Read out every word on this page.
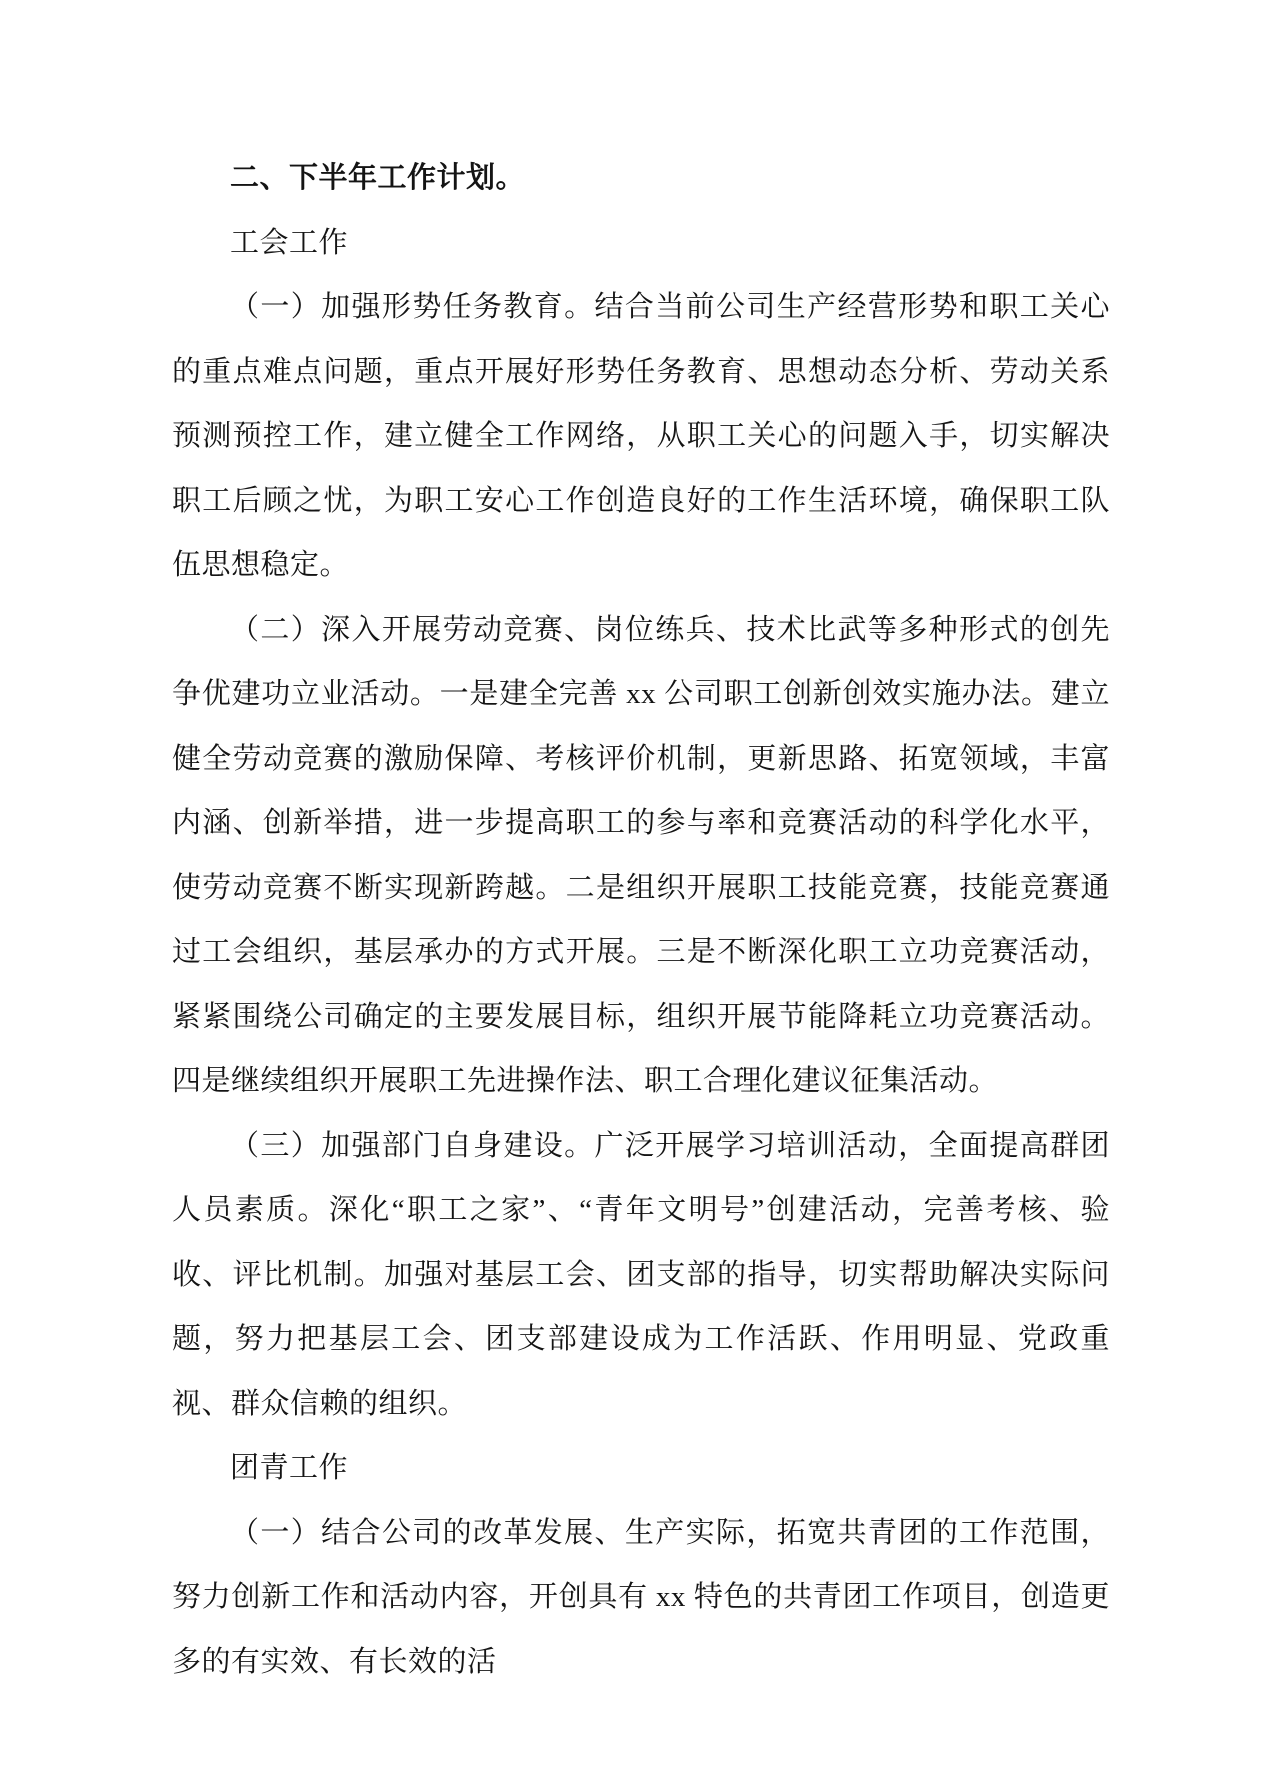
二、下半年工作计划。

工会工作

（一）加强形势任务教育。结合当前公司生产经营形势和职工关心的重点难点问题，重点开展好形势任务教育、思想动态分析、劳动关系预测预控工作，建立健全工作网络，从职工关心的问题入手，切实解决职工后顾之忧，为职工安心工作创造良好的工作生活环境，确保职工队伍思想稳定。

（二）深入开展劳动竞赛、岗位练兵、技术比武等多种形式的创先争优建功立业活动。一是建全完善 xx 公司职工创新创效实施办法。建立健全劳动竞赛的激励保障、考核评价机制，更新思路、拓宽领域，丰富内涵、创新举措，进一步提高职工的参与率和竞赛活动的科学化水平，使劳动竞赛不断实现新跨越。二是组织开展职工技能竞赛，技能竞赛通过工会组织，基层承办的方式开展。三是不断深化职工立功竞赛活动，紧紧围绕公司确定的主要发展目标，组织开展节能降耗立功竞赛活动。四是继续组织开展职工先进操作法、职工合理化建议征集活动。

（三）加强部门自身建设。广泛开展学习培训活动，全面提高群团人员素质。深化“职工之家”、“青年文明号”创建活动，完善考核、验收、评比机制。加强对基层工会、团支部的指导，切实帮助解决实际问题，努力把基层工会、团支部建设成为工作活跃、作用明显、党政重视、群众信赖的组织。

团青工作

（一）结合公司的改革发展、生产实际，拓宽共青团的工作范围，努力创新工作和活动内容，开创具有 xx 特色的共青团工作项目，创造更多的有实效、有长效的活
